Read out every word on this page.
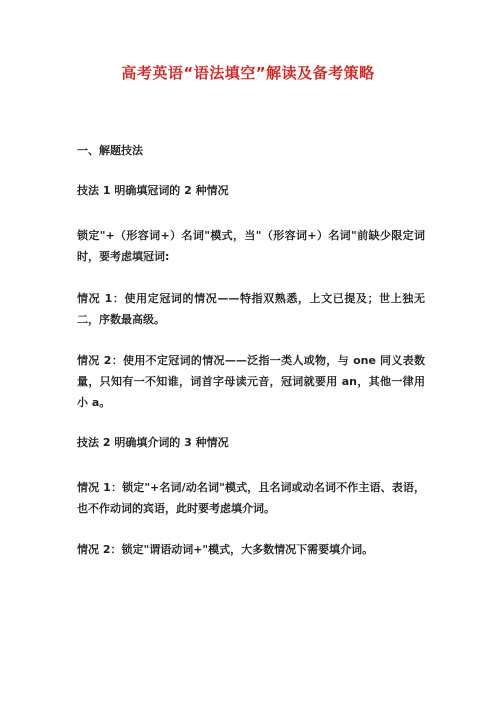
高考英语“语法填空”解读及备考策略
一、解题技法
技法 1 明确填冠词的 2 种情况
锁定"+（形容词+）名词"模式，当"（形容词+）名词"前缺少限定词时，要考虑填冠词:
情况 1：使用定冠词的情况——特指双熟悉，上文已提及；世上独无二，序数最高级。
情况 2：使用不定冠词的情况——泛指一类人或物，与 one 同义表数量，只知有一不知谁，词首字母读元音，冠词就要用 an，其他一律用小 a。
技法 2 明确填介词的 3 种情况
情况 1：锁定"+名词/动名词"模式，且名词或动名词不作主语、表语，也不作动词的宾语，此时要考虑填介词。
情况 2：锁定"谓语动词+"模式，大多数情况下需要填介词。
